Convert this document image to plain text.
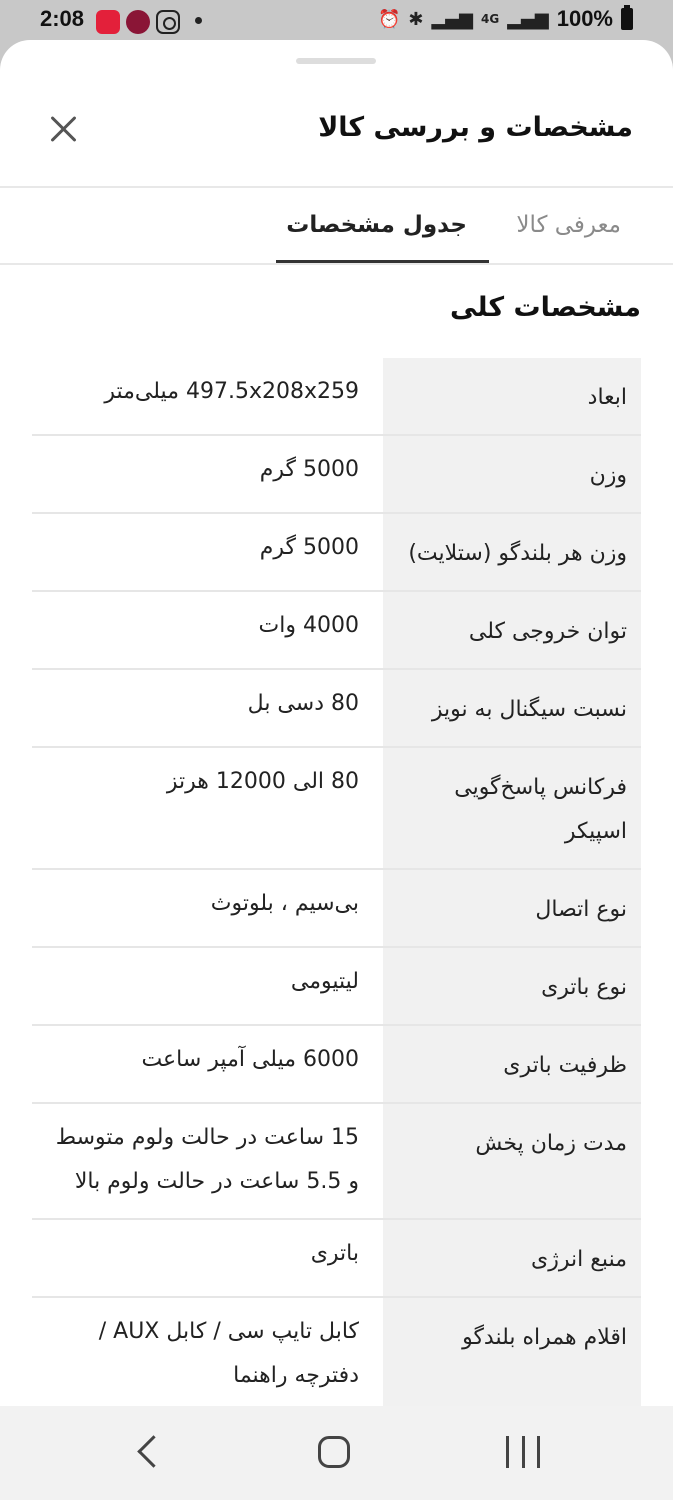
2:08	⏰ ✱ ▂▄▆ 4G ▂▄▆ 100%
مشخصات و بررسی کالا
معرفی کالا
جدول مشخصات
مشخصات کلی
ابعاد
497.5x208x259 میلی‌متر
وزن
5000 گرم
وزن هر بلندگو (ستلایت)
5000 گرم
توان خروجی کلی
4000 وات
نسبت سیگنال به نویز
80 دسی بل
فرکانس پاسخ‌گویی اسپیکر
80 الی 12000 هرتز
نوع اتصال
بی‌سیم ، بلوتوث
نوع باتری
لیتیومی
ظرفیت باتری
6000 میلی آمپر ساعت
مدت زمان پخش
15 ساعت در حالت ولوم متوسط و 5.5 ساعت در حالت ولوم بالا
منبع انرژی
باتری
اقلام همراه بلندگو
کابل تایپ سی / کابل AUX / دفترچه راهنما
